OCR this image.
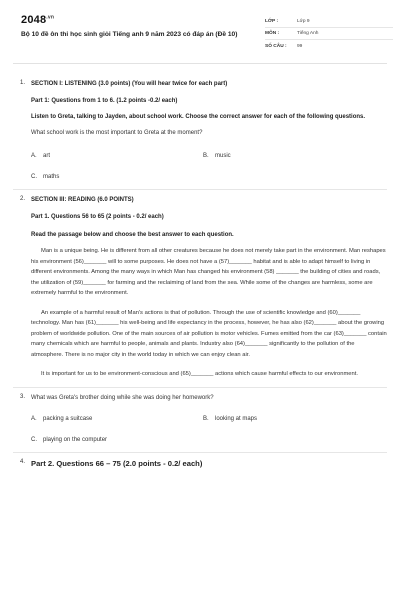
$2048^{.vn}$
Bộ 10 đề ôn thi học sinh giỏi Tiếng anh 9 năm 2023 có đáp án (Đề 10)
LỚP :	Lớp 9
MÔN :	Tiếng Anh
SỐ CÂU :	99
1. SECTION I: LISTENING (3.0 points) (You will hear twice for each part)
Part 1: Questions from 1 to 6. (1.2 points -0.2/ each)
Listen to Greta, talking to Jayden, about school work. Choose the correct answer for each of the following questions.
What school work is the most important to Greta at the moment?
A. art	B. music
C. maths
2. SECTION III: READING (6.0 POINTS)
Part 1. Questions 56 to 65 (2 points - 0.2/ each)
Read the passage below and choose the best answer to each question.
Man is a unique being. He is different from all other creatures because he does not merely take part in the environment. Man reshapes his environment (56)_______ will to some purposes. He does not have a (57)_______ habitat and is able to adapt himself to living in different environments. Among the many ways in which Man has changed his environment (58) _______ the building of cities and roads, the utilization of (59)_______ for farming and the reclaiming of land from the sea. While some of the changes are harmless, some are extremely harmful to the environment.
An example of a harmful result of Man's actions is that of pollution. Through the use of scientific knowledge and (60)_______ technology. Man has (61)_______ his well-being and life expectancy in the process, however, he has also (62)_______ about the growing problem of worldwide pollution. One of the main sources of air pollution is motor vehicles. Fumes emitted from the car (63)_______ contain many chemicals which are harmful to people, animals and plants. Industry also (64)_______ significantly to the pollution of the atmosphere. There is no major city in the world today in which we can enjoy clean air.
It is important for us to be environment-conscious and (65)_______ actions which cause harmful effects to our environment.
3. What was Greta's brother doing while she was doing her homework?
A. packing a suitcase	B. looking at maps
C. playing on the computer
4. Part 2. Questions 66 – 75 (2.0 points - 0.2/ each)
